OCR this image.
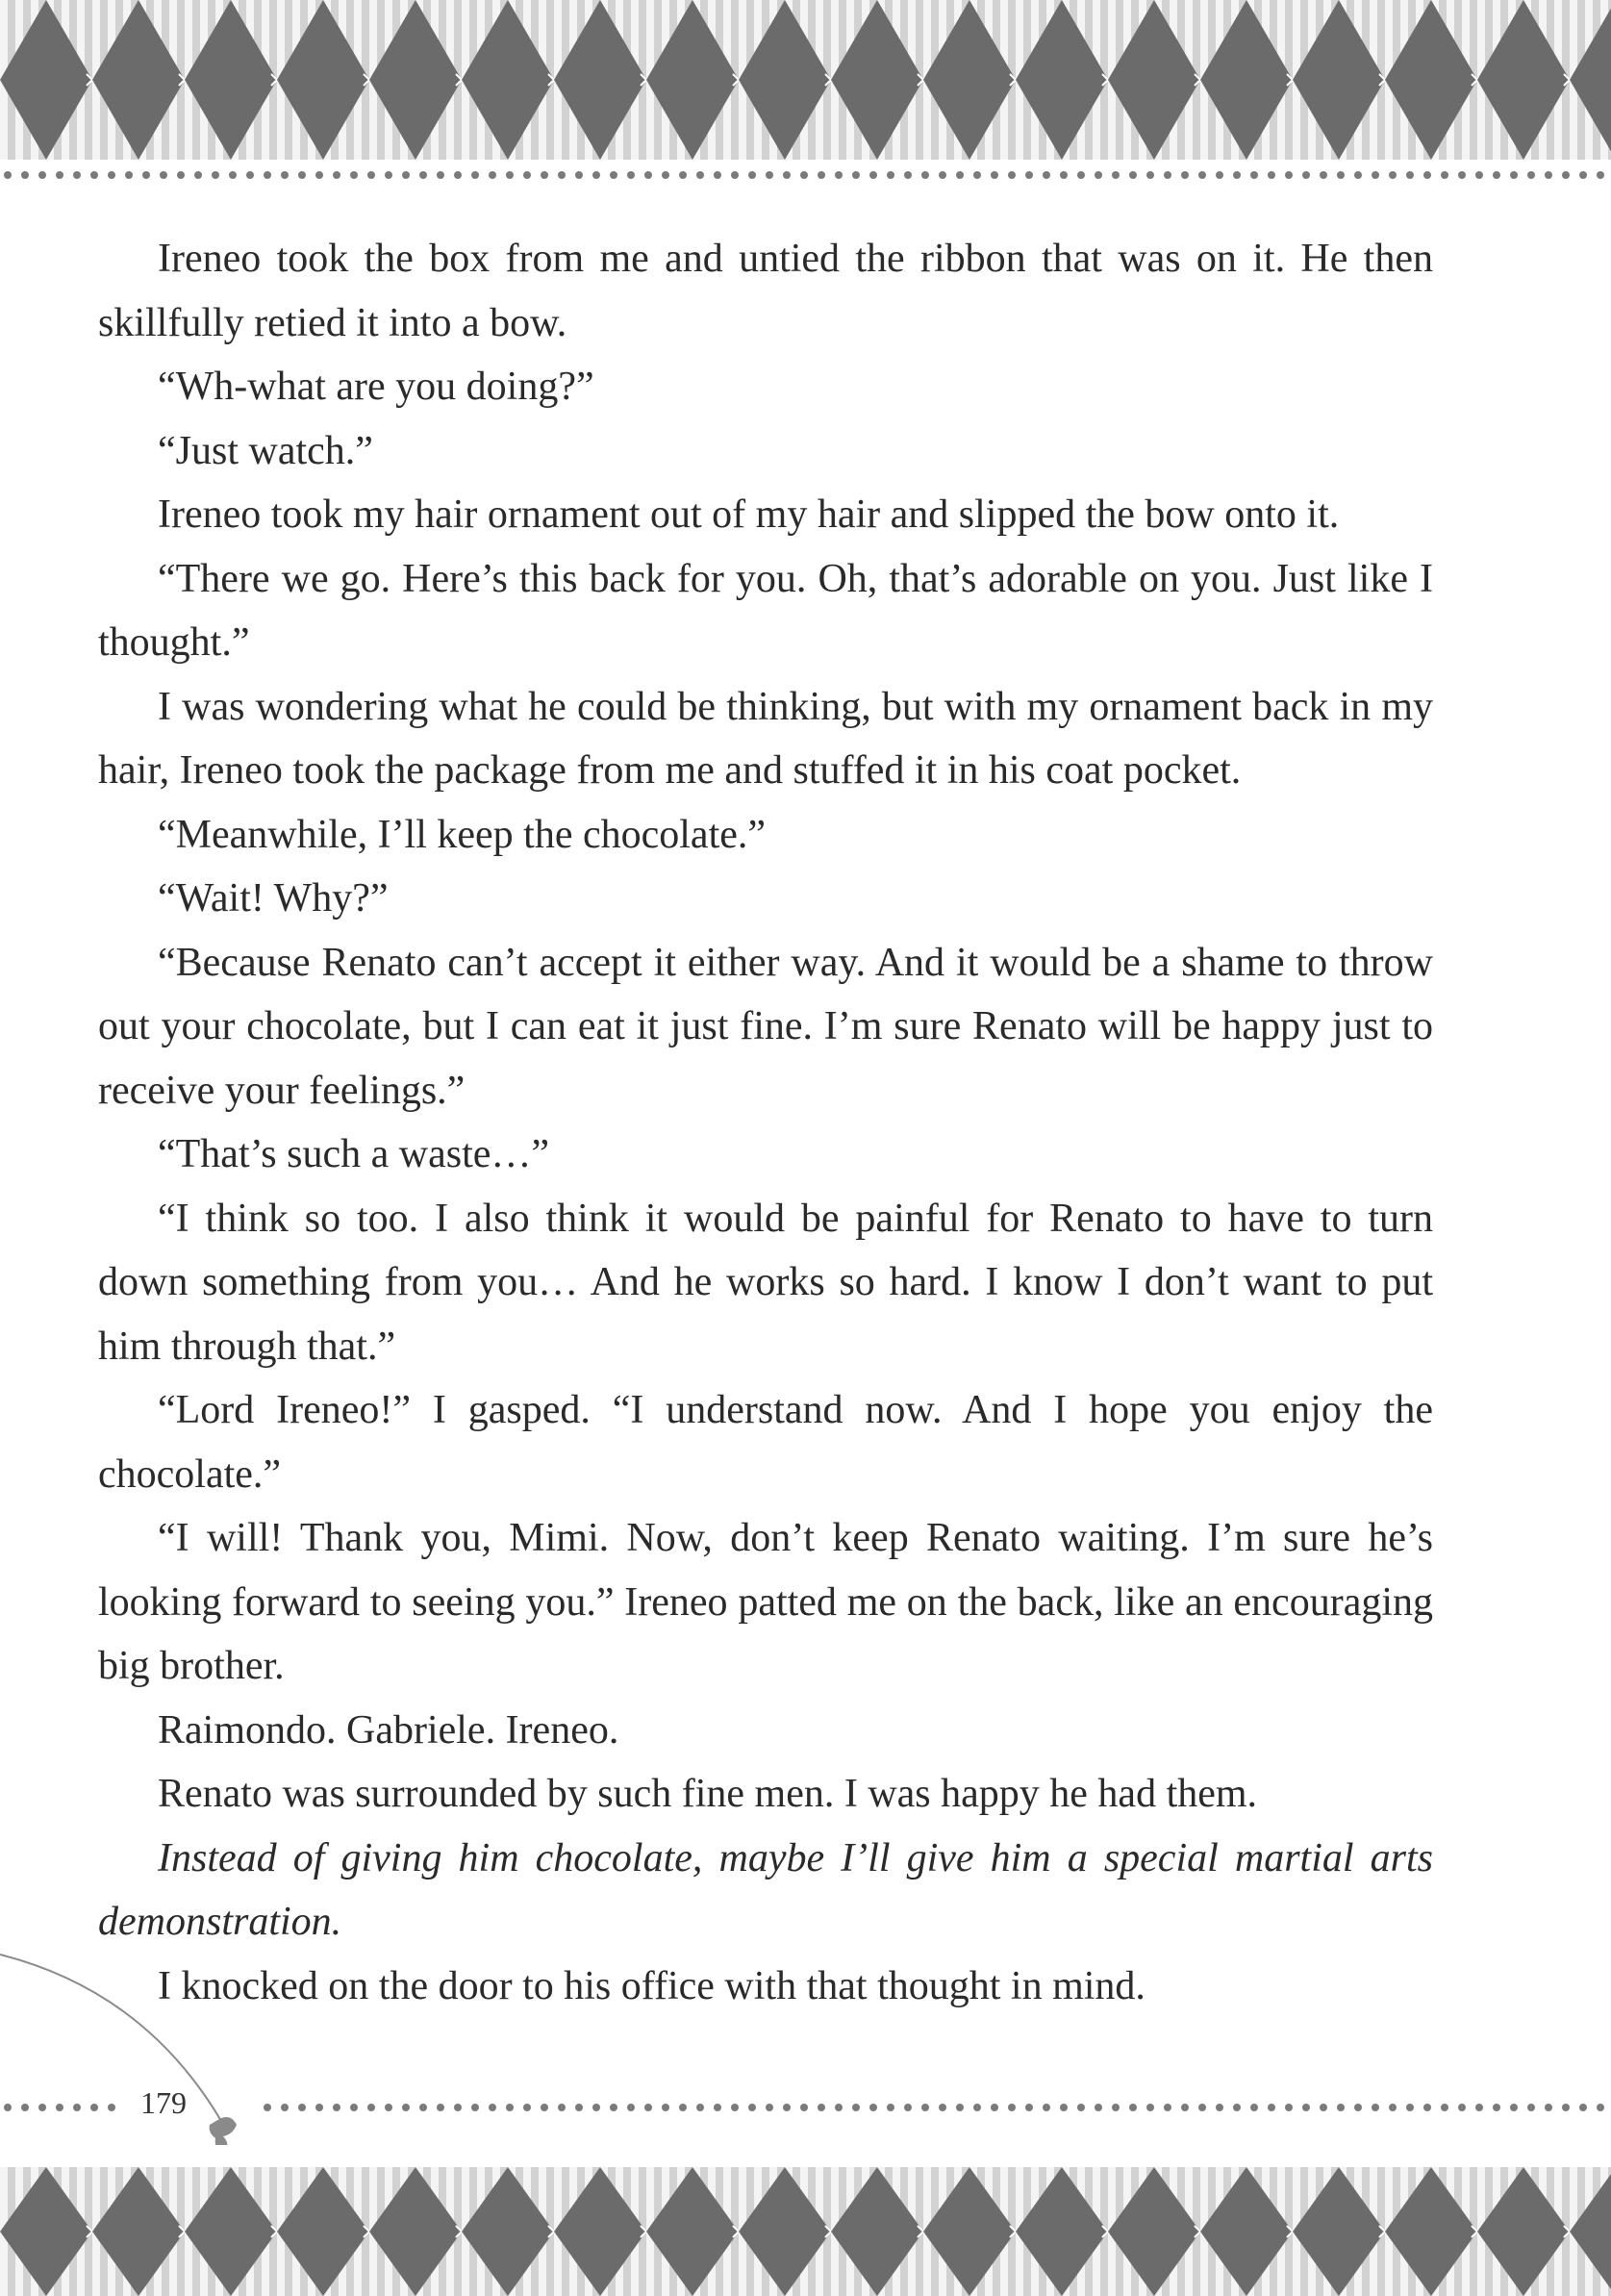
Ireneo took the box from me and untied the ribbon that was on it. He then skillfully retied it into a bow.

“Wh-what are you doing?”

“Just watch.”

Ireneo took my hair ornament out of my hair and slipped the bow onto it.

“There we go. Here’s this back for you. Oh, that’s adorable on you. Just like I thought.”

I was wondering what he could be thinking, but with my ornament back in my hair, Ireneo took the package from me and stuffed it in his coat pocket.

“Meanwhile, I’ll keep the chocolate.”

“Wait! Why?”

“Because Renato can’t accept it either way. And it would be a shame to throw out your chocolate, but I can eat it just fine. I’m sure Renato will be happy just to receive your feelings.”

“That’s such a waste…”

“I think so too. I also think it would be painful for Renato to have to turn down something from you… And he works so hard. I know I don’t want to put him through that.”

“Lord Ireneo!” I gasped. “I understand now. And I hope you enjoy the chocolate.”

“I will! Thank you, Mimi. Now, don’t keep Renato waiting. I’m sure he’s looking forward to seeing you.” Ireneo patted me on the back, like an encouraging big brother.

Raimondo. Gabriele. Ireneo.

Renato was surrounded by such fine men. I was happy he had them.

Instead of giving him chocolate, maybe I’ll give him a special martial arts demonstration.

I knocked on the door to his office with that thought in mind.

179
